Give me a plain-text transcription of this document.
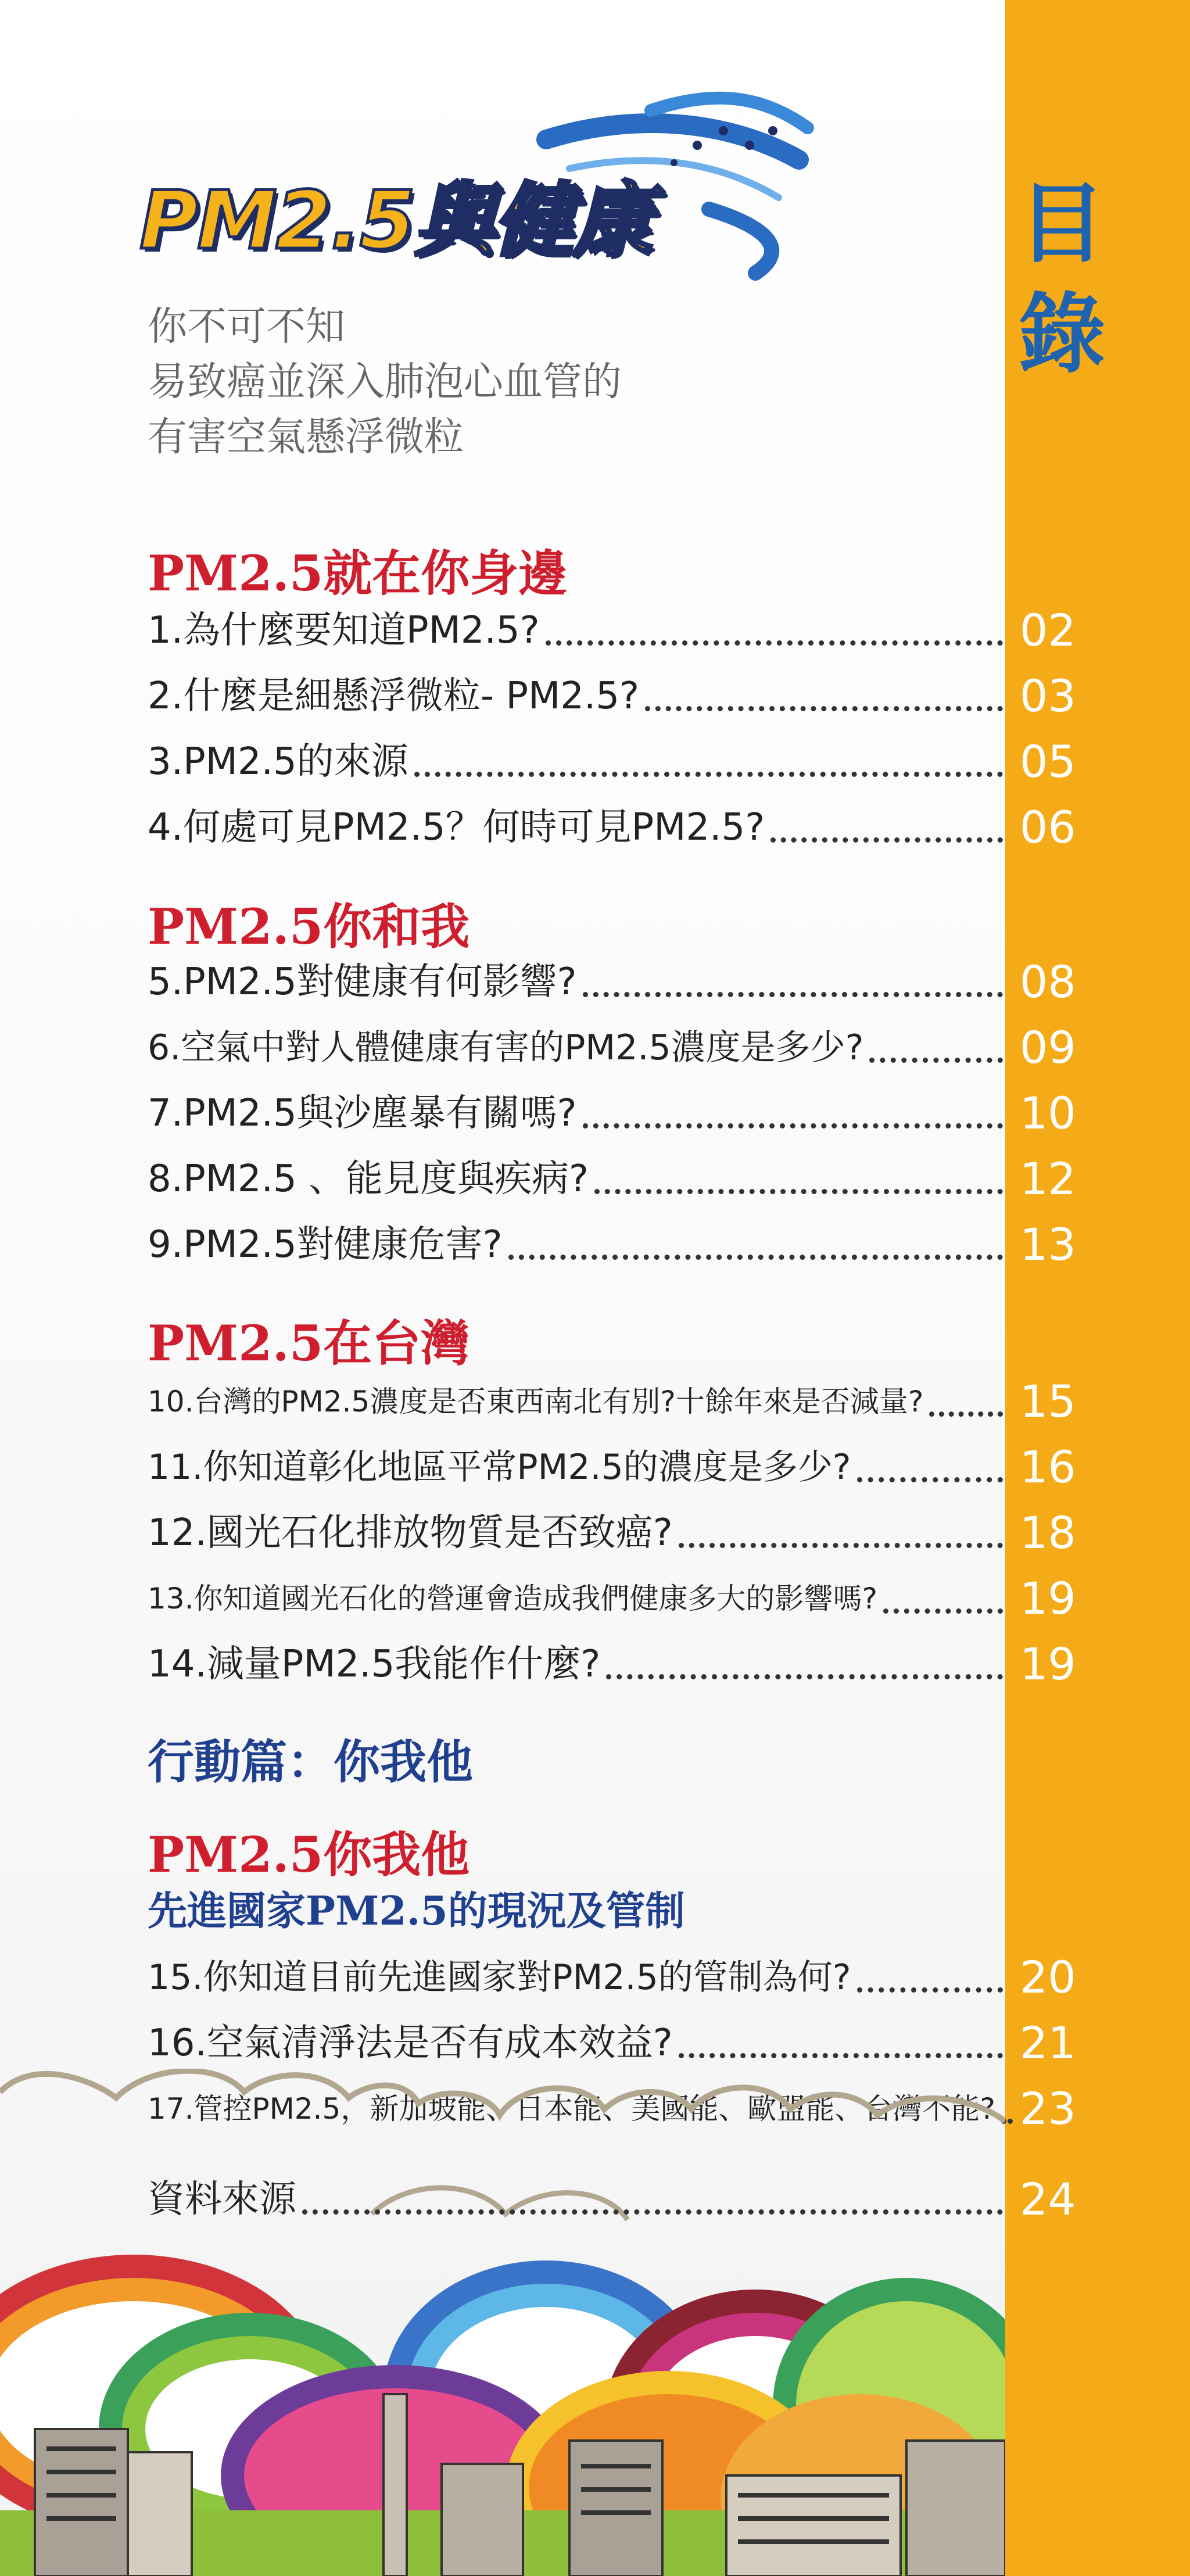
目
錄
PM2.5與健康
你不可不知
易致癌並深入肺泡心血管的
有害空氣懸浮微粒
PM2.5就在你身邊
PM2.5你和我
PM2.5在台灣
行動篇：你我他
PM2.5你我他
先進國家PM2.5的現況及管制
1.為什麼要知道PM2.5?	02
2.什麼是細懸浮微粒- PM2.5?	03
3.PM2.5的來源	05
4.何處可見PM2.5？何時可見PM2.5?	06
5.PM2.5對健康有何影響?	08
6.空氣中對人體健康有害的PM2.5濃度是多少?	09
7.PM2.5與沙塵暴有關嗎?	10
8.PM2.5 、能見度與疾病?	12
9.PM2.5對健康危害?	13
10.台灣的PM2.5濃度是否東西南北有別?十餘年來是否減量? 15
11.你知道彰化地區平常PM2.5的濃度是多少?	16
12.國光石化排放物質是否致癌?	18
13.你知道國光石化的營運會造成我們健康多大的影響嗎?	19
14.減量PM2.5我能作什麼?	19
15.你知道目前先進國家對PM2.5的管制為何?	20
16.空氣清淨法是否有成本效益?	21
17.管控PM2.5，新加坡能、日本能、美國能、歐盟能、台灣不能? 23
資料來源	24
